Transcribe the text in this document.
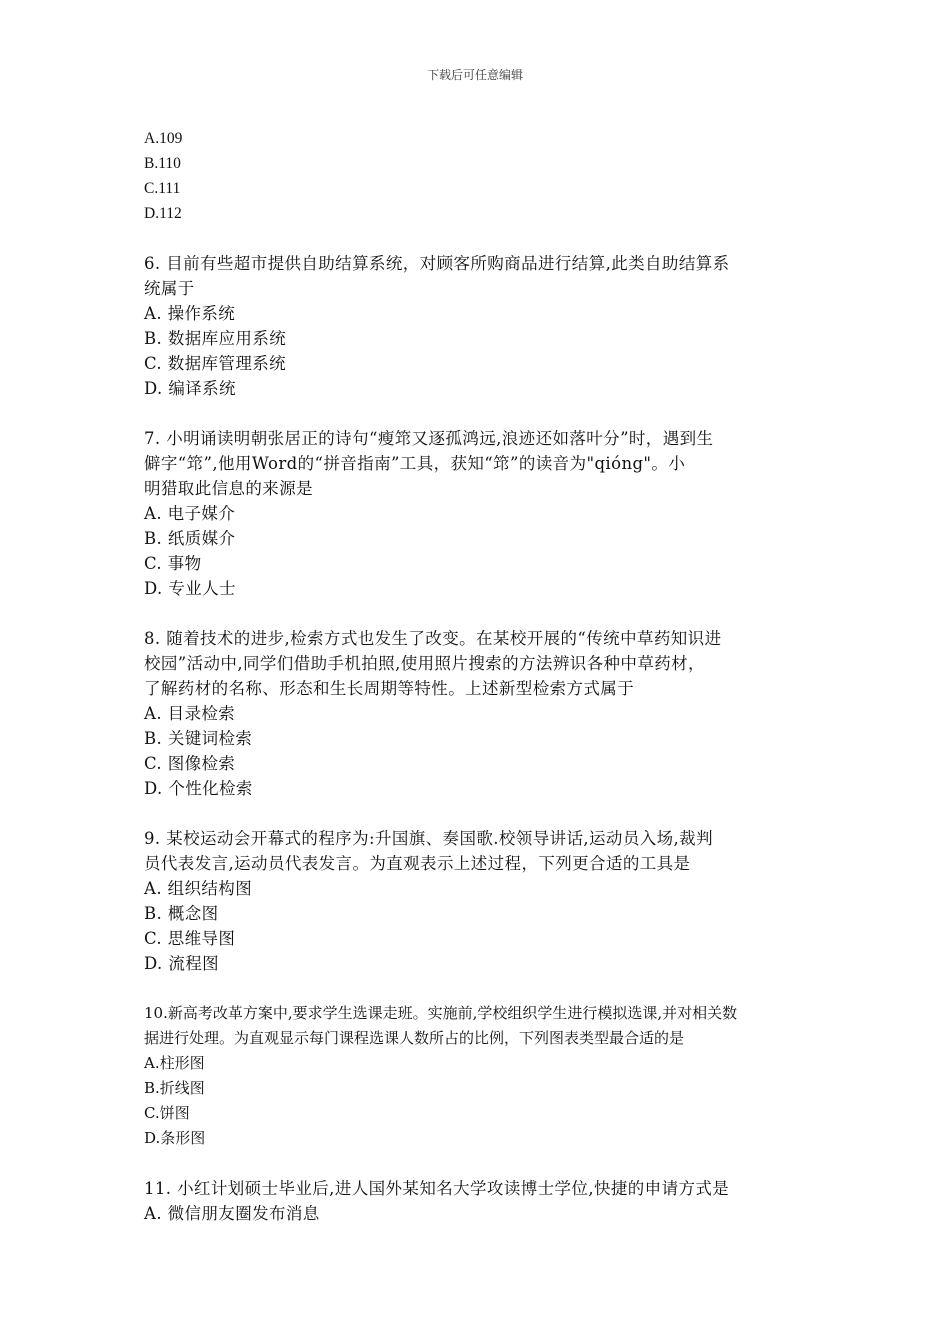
下载后可任意编辑
A.109
B.110
C.111
D.112
6. 目前有些超市提供自助结算系统，对顾客所购商品进行结算,此类自助结算系
统属于
A. 操作系统
B. 数据库应用系统
C. 数据库管理系统
D. 编译系统
7. 小明诵读明朝张居正的诗句“瘦筇又逐孤鸿远,浪迹还如落叶分”时，遇到生
僻字“筇”,他用Word的“拼音指南”工具，获知“筇”的读音为"qióng"。小
明猎取此信息的来源是
A. 电子媒介
B. 纸质媒介
C. 事物
D. 专业人士
8. 随着技术的进步,检索方式也发生了改变。在某校开展的“传统中草药知识进
校园”活动中,同学们借助手机拍照,使用照片搜索的方法辨识各种中草药材，
了解药材的名称、形态和生长周期等特性。上述新型检索方式属于
A. 目录检索
B. 关键词检索
C. 图像检索
D. 个性化检索
9. 某校运动会开幕式的程序为:升国旗、奏国歌.校领导讲话,运动员入场,裁判
员代表发言,运动员代表发言。为直观表示上述过程，下列更合适的工具是
A. 组织结构图
B. 概念图
C. 思维导图
D. 流程图
10.新高考改革方案中,要求学生选课走班。实施前,学校组织学生进行模拟选课,并对相关数
据进行处理。为直观显示每门课程选课人数所占的比例，下列图表类型最合适的是
A.柱形图
B.折线图
C.饼图
D.条形图
11. 小红计划硕士毕业后,进人国外某知名大学攻读博士学位,快捷的申请方式是
A. 微信朋友圈发布消息
